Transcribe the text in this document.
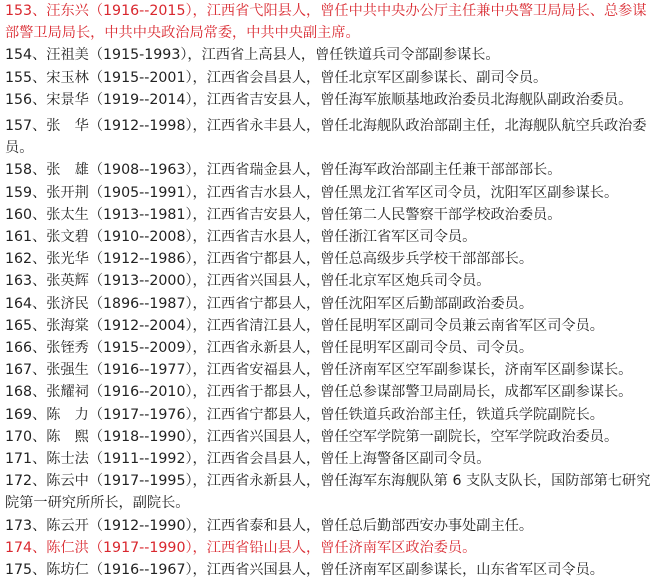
153、汪东兴（1916--2015），江西省弋阳县人，曾任中共中央办公厅主任兼中央警卫局局长、总参谋部警卫局局长，中共中央政治局常委，中共中央副主席。
154、汪祖美（1915-1993），江西省上高县人，曾任铁道兵司令部副参谋长。
155、宋玉林（1915--2001），江西省会昌县人，曾任北京军区副参谋长、副司令员。
156、宋景华（1919--2014），江西省吉安县人，曾任海军旅顺基地政治委员北海舰队副政治委员。
157、张　华（1912--1998），江西省永丰县人，曾任北海舰队政治部副主任，北海舰队航空兵政治委员。
158、张　雄（1908--1963），江西省瑞金县人，曾任海军政治部副主任兼干部部部长。
159、张开荆（1905--1991），江西省吉水县人，曾任黑龙江省军区司令员，沈阳军区副参谋长。
160、张太生（1913--1981），江西省吉安县人，曾任第二人民警察干部学校政治委员。
161、张文碧（1910--2008），江西省吉水县人，曾任浙江省军区司令员。
162、张光华（1912--1986），江西省宁都县人，曾任总高级步兵学校干部部部长。
163、张英辉（1913--2000），江西省兴国县人，曾任北京军区炮兵司令员。
164、张济民（1896--1987），江西省宁都县人，曾任沈阳军区后勤部副政治委员。
165、张海棠（1912--2004），江西省清江县人，曾任昆明军区副司令员兼云南省军区司令员。
166、张铚秀（1915--2009），江西省永新县人，曾任昆明军区副司令员、司令员。
167、张强生（1916--1977），江西省安福县人，曾任济南军区空军副参谋长，济南军区副参谋长。
168、张耀祠（1916--2010），江西省于都县人，曾任总参谋部警卫局副局长，成都军区副参谋长。
169、陈　力（1917--1976），江西省宁都县人，曾任铁道兵政治部主任，铁道兵学院副院长。
170、陈　熙（1918--1990），江西省兴国县人，曾任空军学院第一副院长，空军学院政治委员。
171、陈士法（1911--1992），江西省会昌县人，曾任上海警备区副司令员。
172、陈云中（1917--1995），江西省永新县人，曾任海军东海舰队第 6 支队支队长，国防部第七研究院第一研究所所长，副院长。
173、陈云开（1912--1990），江西省泰和县人，曾任总后勤部西安办事处副主任。
174、陈仁洪（1917--1990），江西省铅山县人，曾任济南军区政治委员。
175、陈坊仁（1916--1967），江西省兴国县人，曾任济南军区副参谋长，山东省军区司令员。
